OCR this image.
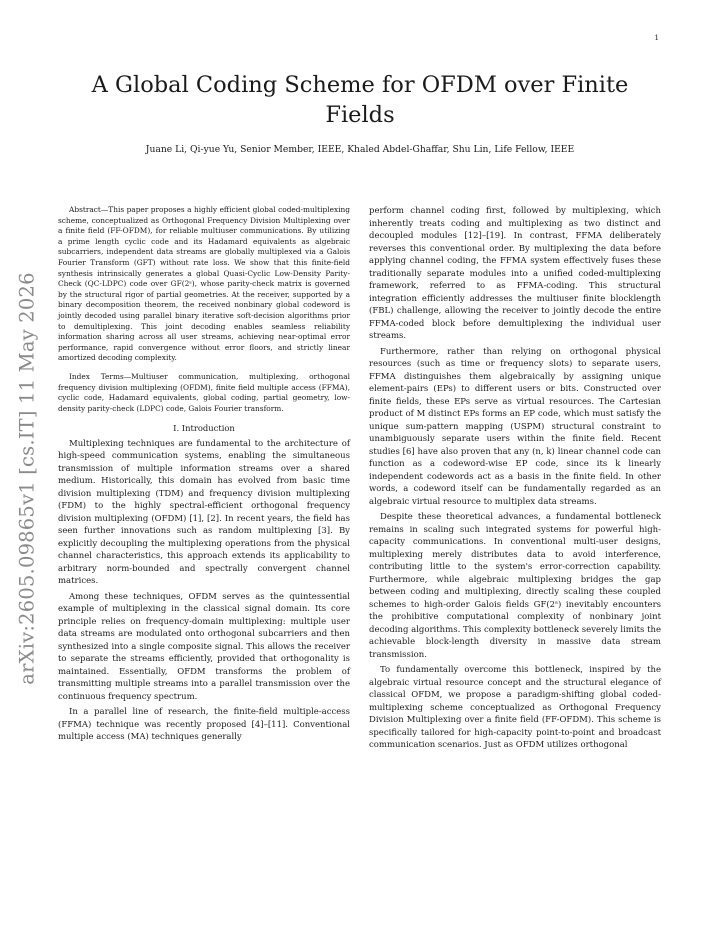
1
arXiv:2605.09865v1 [cs.IT] 11 May 2026
A Global Coding Scheme for OFDM over Finite Fields
Juane Li, Qi-yue Yu, Senior Member, IEEE, Khaled Abdel-Ghaffar, Shu Lin, Life Fellow, IEEE

Abstract—This paper proposes a highly efficient global coded-multiplexing scheme, conceptualized as Orthogonal Frequency Division Multiplexing over a finite field (FF-OFDM), for reliable multiuser communications. By utilizing a prime length cyclic code and its Hadamard equivalents as algebraic subcarriers, independent data streams are globally multiplexed via a Galois Fourier Transform (GFT) without rate loss. We show that this finite-field synthesis intrinsically generates a global Quasi-Cyclic Low-Density Parity-Check (QC-LDPC) code over GF(2ˢ), whose parity-check matrix is governed by the structural rigor of partial geometries. At the receiver, supported by a binary decomposition theorem, the received nonbinary global codeword is jointly decoded using parallel binary iterative soft-decision algorithms prior to demultiplexing. This joint decoding enables seamless reliability information sharing across all user streams, achieving near-optimal error performance, rapid convergence without error floors, and strictly linear amortized decoding complexity.

Index Terms—Multiuser communication, multiplexing, orthogonal frequency division multiplexing (OFDM), finite field multiple access (FFMA), cyclic code, Hadamard equivalents, global coding, partial geometry, low-density parity-check (LDPC) code, Galois Fourier transform.

I. Introduction

Multiplexing techniques are fundamental to the architecture of high-speed communication systems, enabling the simultaneous transmission of multiple information streams over a shared medium. Historically, this domain has evolved from basic time division multiplexing (TDM) and frequency division multiplexing (FDM) to the highly spectral-efficient orthogonal frequency division multiplexing (OFDM) [1], [2]. In recent years, the field has seen further innovations such as random multiplexing [3]. By explicitly decoupling the multiplexing operations from the physical channel characteristics, this approach extends its applicability to arbitrary norm-bounded and spectrally convergent channel matrices.

Among these techniques, OFDM serves as the quintessential example of multiplexing in the classical signal domain. Its core principle relies on frequency-domain multiplexing: multiple user data streams are modulated onto orthogonal subcarriers and then synthesized into a single composite signal. This allows the receiver to separate the streams efficiently, provided that orthogonality is maintained. Essentially, OFDM transforms the problem of transmitting multiple streams into a parallel transmission over the continuous frequency spectrum.

In a parallel line of research, the finite-field multiple-access (FFMA) technique was recently proposed [4]–[11]. Conventional multiple access (MA) techniques generally

perform channel coding first, followed by multiplexing, which inherently treats coding and multiplexing as two distinct and decoupled modules [12]–[19]. In contrast, FFMA deliberately reverses this conventional order. By multiplexing the data before applying channel coding, the FFMA system effectively fuses these traditionally separate modules into a unified coded-multiplexing framework, referred to as FFMA-coding. This structural integration efficiently addresses the multiuser finite blocklength (FBL) challenge, allowing the receiver to jointly decode the entire FFMA-coded block before demultiplexing the individual user streams.

Furthermore, rather than relying on orthogonal physical resources (such as time or frequency slots) to separate users, FFMA distinguishes them algebraically by assigning unique element-pairs (EPs) to different users or bits. Constructed over finite fields, these EPs serve as virtual resources. The Cartesian product of M distinct EPs forms an EP code, which must satisfy the unique sum-pattern mapping (USPM) structural constraint to unambiguously separate users within the finite field. Recent studies [6] have also proven that any (n, k) linear channel code can function as a codeword-wise EP code, since its k linearly independent codewords act as a basis in the finite field. In other words, a codeword itself can be fundamentally regarded as an algebraic virtual resource to multiplex data streams.

Despite these theoretical advances, a fundamental bottleneck remains in scaling such integrated systems for powerful high-capacity communications. In conventional multi-user designs, multiplexing merely distributes data to avoid interference, contributing little to the system's error-correction capability. Furthermore, while algebraic multiplexing bridges the gap between coding and multiplexing, directly scaling these coupled schemes to high-order Galois fields GF(2ˢ) inevitably encounters the prohibitive computational complexity of nonbinary joint decoding algorithms. This complexity bottleneck severely limits the achievable block-length diversity in massive data stream transmission.

To fundamentally overcome this bottleneck, inspired by the algebraic virtual resource concept and the structural elegance of classical OFDM, we propose a paradigm-shifting global coded-multiplexing scheme conceptualized as Orthogonal Frequency Division Multiplexing over a finite field (FF-OFDM). This scheme is specifically tailored for high-capacity point-to-point and broadcast communication scenarios. Just as OFDM utilizes orthogonal
